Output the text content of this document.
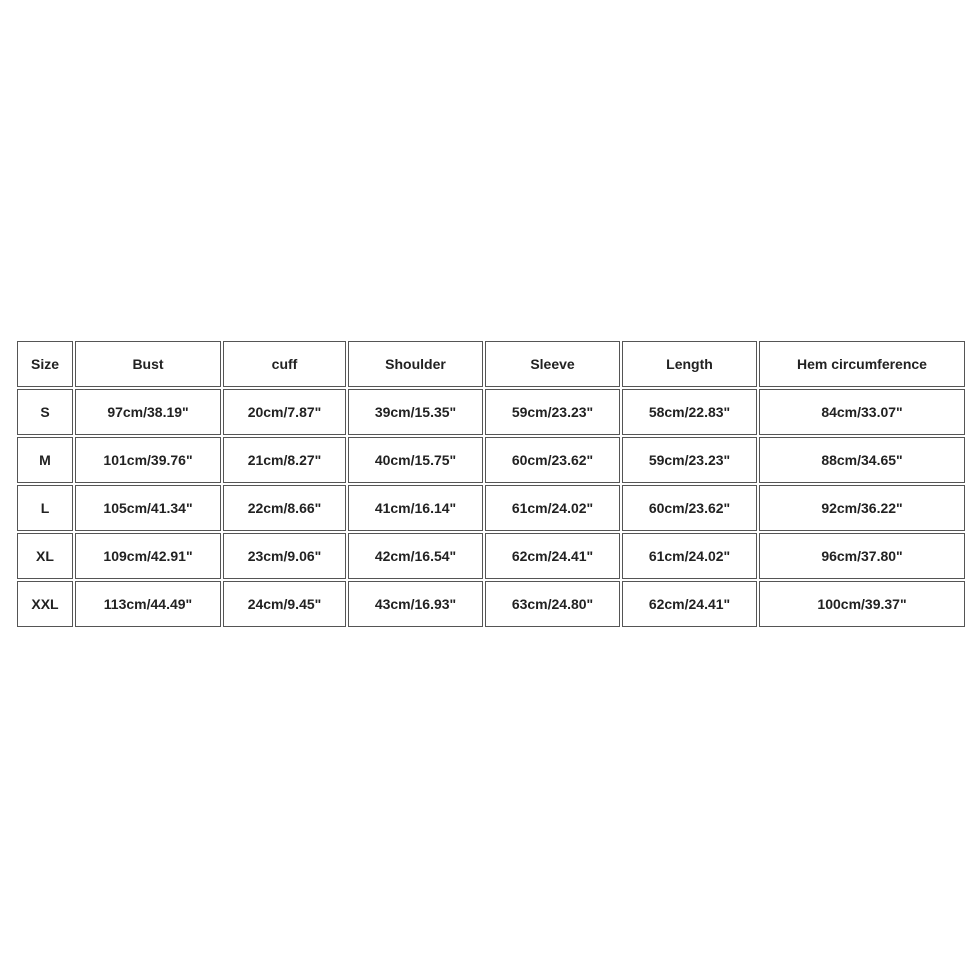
Size	Bust	cuff	Shoulder	Sleeve	Length	Hem circumference
S	97cm/38.19"	20cm/7.87"	39cm/15.35"	59cm/23.23"	58cm/22.83"	84cm/33.07"
M	101cm/39.76"	21cm/8.27"	40cm/15.75"	60cm/23.62"	59cm/23.23"	88cm/34.65"
L	105cm/41.34"	22cm/8.66"	41cm/16.14"	61cm/24.02"	60cm/23.62"	92cm/36.22"
XL	109cm/42.91"	23cm/9.06"	42cm/16.54"	62cm/24.41"	61cm/24.02"	96cm/37.80"
XXL	113cm/44.49"	24cm/9.45"	43cm/16.93"	63cm/24.80"	62cm/24.41"	100cm/39.37"
